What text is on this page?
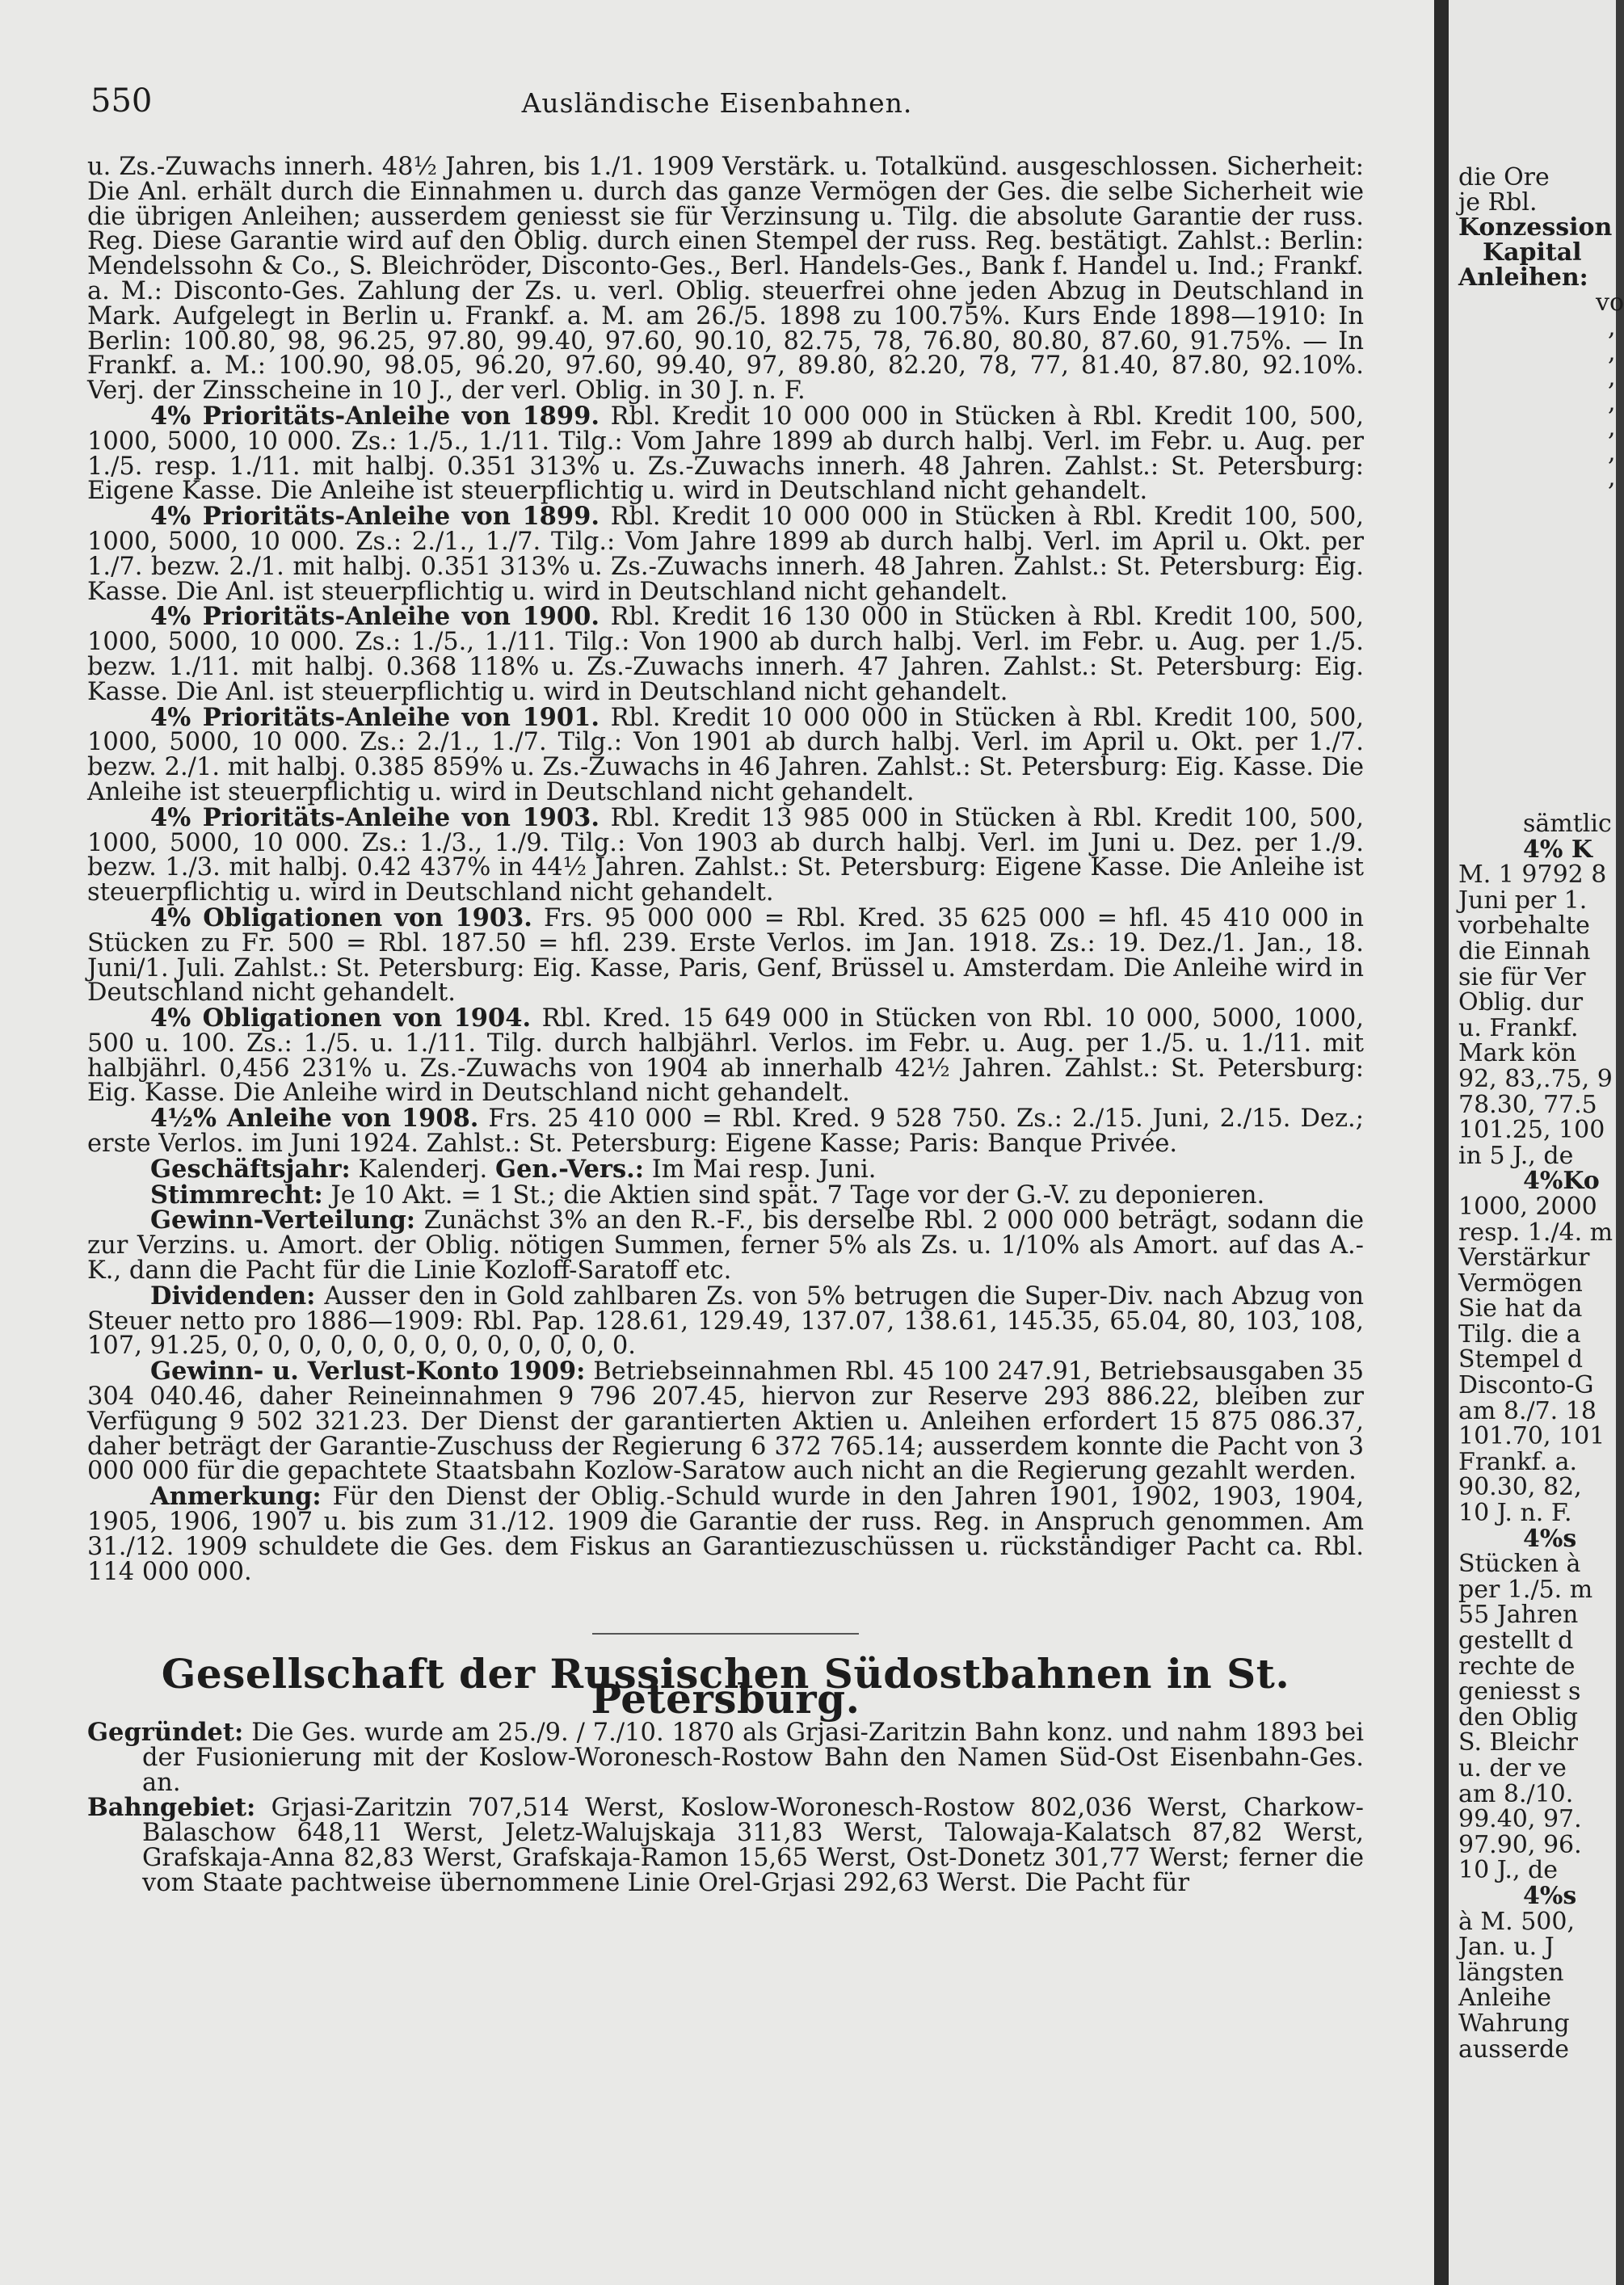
550	Ausländische Eisenbahnen.

u. Zs.-Zuwachs innerh. 48½ Jahren, bis 1./1. 1909 Verstärk. u. Totalkünd. ausgeschlossen. Sicherheit: Die Anl. erhält durch die Einnahmen u. durch das ganze Vermögen der Ges. die selbe Sicherheit wie die übrigen Anleihen; ausserdem geniesst sie für Verzinsung u. Tilg. die absolute Garantie der russ. Reg. Diese Garantie wird auf den Oblig. durch einen Stempel der russ. Reg. bestätigt. Zahlst.: Berlin: Mendelssohn & Co., S. Bleichröder, Disconto-Ges., Berl. Handels-Ges., Bank f. Handel u. Ind.; Frankf. a. M.: Disconto-Ges. Zahlung der Zs. u. verl. Oblig. steuerfrei ohne jeden Abzug in Deutschland in Mark. Aufgelegt in Berlin u. Frankf. a. M. am 26./5. 1898 zu 100.75%. Kurs Ende 1898—1910: In Berlin: 100.80, 98, 96.25, 97.80, 99.40, 97.60, 90.10, 82.75, 78, 76.80, 80.80, 87.60, 91.75%. — In Frankf. a. M.: 100.90, 98.05, 96.20, 97.60, 99.40, 97, 89.80, 82.20, 78, 77, 81.40, 87.80, 92.10%. Verj. der Zinsscheine in 10 J., der verl. Oblig. in 30 J. n. F.

4% Prioritäts-Anleihe von 1899. Rbl. Kredit 10 000 000 in Stücken à Rbl. Kredit 100, 500, 1000, 5000, 10 000. Zs.: 1./5., 1./11. Tilg.: Vom Jahre 1899 ab durch halbj. Verl. im Febr. u. Aug. per 1./5. resp. 1./11. mit halbj. 0.351 313% u. Zs.-Zuwachs innerh. 48 Jahren. Zahlst.: St. Petersburg: Eigene Kasse. Die Anleihe ist steuerpflichtig u. wird in Deutschland nicht gehandelt.

4% Prioritäts-Anleihe von 1899. Rbl. Kredit 10 000 000 in Stücken à Rbl. Kredit 100, 500, 1000, 5000, 10 000. Zs.: 2./1., 1./7. Tilg.: Vom Jahre 1899 ab durch halbj. Verl. im April u. Okt. per 1./7. bezw. 2./1. mit halbj. 0.351 313% u. Zs.-Zuwachs innerh. 48 Jahren. Zahlst.: St. Petersburg: Eig. Kasse. Die Anl. ist steuerpflichtig u. wird in Deutschland nicht gehandelt.

4% Prioritäts-Anleihe von 1900. Rbl. Kredit 16 130 000 in Stücken à Rbl. Kredit 100, 500, 1000, 5000, 10 000. Zs.: 1./5., 1./11. Tilg.: Von 1900 ab durch halbj. Verl. im Febr. u. Aug. per 1./5. bezw. 1./11. mit halbj. 0.368 118% u. Zs.-Zuwachs innerh. 47 Jahren. Zahlst.: St. Petersburg: Eig. Kasse. Die Anl. ist steuerpflichtig u. wird in Deutschland nicht gehandelt.

4% Prioritäts-Anleihe von 1901. Rbl. Kredit 10 000 000 in Stücken à Rbl. Kredit 100, 500, 1000, 5000, 10 000. Zs.: 2./1., 1./7. Tilg.: Von 1901 ab durch halbj. Verl. im April u. Okt. per 1./7. bezw. 2./1. mit halbj. 0.385 859% u. Zs.-Zuwachs in 46 Jahren. Zahlst.: St. Petersburg: Eig. Kasse. Die Anleihe ist steuerpflichtig u. wird in Deutschland nicht gehandelt.

4% Prioritäts-Anleihe von 1903. Rbl. Kredit 13 985 000 in Stücken à Rbl. Kredit 100, 500, 1000, 5000, 10 000. Zs.: 1./3., 1./9. Tilg.: Von 1903 ab durch halbj. Verl. im Juni u. Dez. per 1./9. bezw. 1./3. mit halbj. 0.42 437% in 44½ Jahren. Zahlst.: St. Petersburg: Eigene Kasse. Die Anleihe ist steuerpflichtig u. wird in Deutschland nicht gehandelt.

4% Obligationen von 1903. Frs. 95 000 000 = Rbl. Kred. 35 625 000 = hfl. 45 410 000 in Stücken zu Fr. 500 = Rbl. 187.50 = hfl. 239. Erste Verlos. im Jan. 1918. Zs.: 19. Dez./1. Jan., 18. Juni/1. Juli. Zahlst.: St. Petersburg: Eig. Kasse, Paris, Genf, Brüssel u. Amsterdam. Die Anleihe wird in Deutschland nicht gehandelt.

4% Obligationen von 1904. Rbl. Kred. 15 649 000 in Stücken von Rbl. 10 000, 5000, 1000, 500 u. 100. Zs.: 1./5. u. 1./11. Tilg. durch halbjährl. Verlos. im Febr. u. Aug. per 1./5. u. 1./11. mit halbjährl. 0,456 231% u. Zs.-Zuwachs von 1904 ab innerhalb 42½ Jahren. Zahlst.: St. Petersburg: Eig. Kasse. Die Anleihe wird in Deutschland nicht gehandelt.

4½% Anleihe von 1908. Frs. 25 410 000 = Rbl. Kred. 9 528 750. Zs.: 2./15. Juni, 2./15. Dez.; erste Verlos. im Juni 1924. Zahlst.: St. Petersburg: Eigene Kasse; Paris: Banque Privée.

Geschäftsjahr: Kalenderj. Gen.-Vers.: Im Mai resp. Juni.

Stimmrecht: Je 10 Akt. = 1 St.; die Aktien sind spät. 7 Tage vor der G.-V. zu deponieren.

Gewinn-Verteilung: Zunächst 3% an den R.-F., bis derselbe Rbl. 2 000 000 beträgt, sodann die zur Verzins. u. Amort. der Oblig. nötigen Summen, ferner 5% als Zs. u. 1/10% als Amort. auf das A.-K., dann die Pacht für die Linie Kozloff-Saratoff etc.

Dividenden: Ausser den in Gold zahlbaren Zs. von 5% betrugen die Super-Div. nach Abzug von Steuer netto pro 1886—1909: Rbl. Pap. 128.61, 129.49, 137.07, 138.61, 145.35, 65.04, 80, 103, 108, 107, 91.25, 0, 0, 0, 0, 0, 0, 0, 0, 0, 0, 0, 0, 0.

Gewinn- u. Verlust-Konto 1909: Betriebseinnahmen Rbl. 45 100 247.91, Betriebsausgaben 35 304 040.46, daher Reineinnahmen 9 796 207.45, hiervon zur Reserve 293 886.22, bleiben zur Verfügung 9 502 321.23. Der Dienst der garantierten Aktien u. Anleihen erfordert 15 875 086.37, daher beträgt der Garantie-Zuschuss der Regierung 6 372 765.14; ausserdem konnte die Pacht von 3 000 000 für die gepachtete Staatsbahn Kozlow-Saratow auch nicht an die Regierung gezahlt werden.

Anmerkung: Für den Dienst der Oblig.-Schuld wurde in den Jahren 1901, 1902, 1903, 1904, 1905, 1906, 1907 u. bis zum 31./12. 1909 die Garantie der russ. Reg. in Anspruch genommen. Am 31./12. 1909 schuldete die Ges. dem Fiskus an Garantiezuschüssen u. rückständiger Pacht ca. Rbl. 114 000 000.

Gesellschaft der Russischen Südostbahnen in St. Petersburg.

Gegründet: Die Ges. wurde am 25./9. / 7./10. 1870 als Grjasi-Zaritzin Bahn konz. und nahm 1893 bei der Fusionierung mit der Koslow-Woronesch-Rostow Bahn den Namen Süd-Ost Eisenbahn-Ges. an.

Bahngebiet: Grjasi-Zaritzin 707,514 Werst, Koslow-Woronesch-Rostow 802,036 Werst, Charkow-Balaschow 648,11 Werst, Jeletz-Walujskaja 311,83 Werst, Talowaja-Kalatsch 87,82 Werst, Grafskaja-Anna 82,83 Werst, Grafskaja-Ramon 15,65 Werst, Ost-Donetz 301,77 Werst; ferner die vom Staate pachtweise übernommene Linie Orel-Grjasi 292,63 Werst. Die Pacht für

die Ore
je Rbl.
Konzession
Kapital
Anleihen:
vo
,
,
,
,
,
,
,
sämtlic
4% K
M. 1 9792 8
Juni per 1.
vorbehalte
die Einnah
sie für Ver
Oblig. dur
u. Frankf.
Mark kön
92, 83,.75, 9
78.30, 77.5
101.25, 100
in 5 J., de
4%Ko
1000, 2000
resp. 1./4. m
Verstärkur
Vermögen
Sie hat da
Tilg. die a
Stempel d
Disconto-G
am 8./7. 18
101.70, 101
Frankf. a.
90.30, 82,
10 J. n. F.
4%s
Stücken à
per 1./5. m
55 Jahren
gestellt d
rechte de
geniesst s
den Oblig
S. Bleichr
u. der ve
am 8./10.
99.40, 97.
97.90, 96.
10 J., de
4%s
à M. 500,
Jan. u. J
längsten
Anleihe
Wahrung
ausserde
